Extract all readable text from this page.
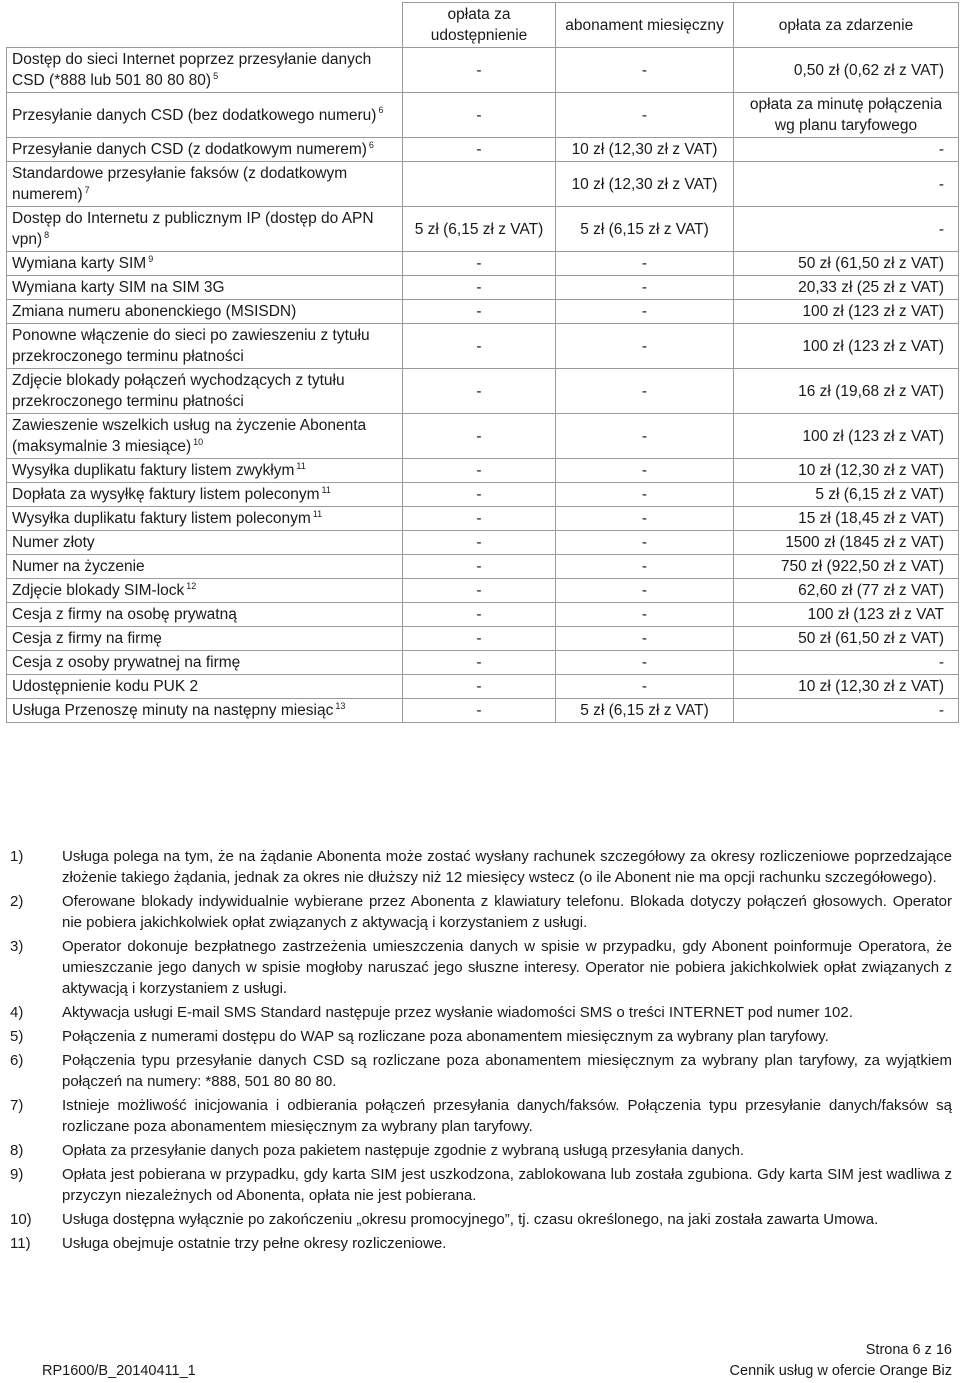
	opłata za udostępnienie	abonament miesięczny	opłata za zdarzenie
Dostęp do sieci Internet poprzez przesyłanie danych CSD (*888 lub 501 80 80 80) $^5$	-	-	0,50 zł (0,62 zł z VAT)
Przesyłanie danych CSD (bez dodatkowego numeru) $^6$	-	-	opłata za minutę połączenia wg planu taryfowego
Przesyłanie danych CSD (z dodatkowym numerem) $^6$	-	10 zł (12,30 zł z VAT)	-
Standardowe przesyłanie faksów (z dodatkowym numerem) $^7$		10 zł (12,30 zł z VAT)	-
Dostęp do Internetu z publicznym IP (dostęp do APN vpn) $^8$	5 zł (6,15 zł z VAT)	5 zł (6,15 zł z VAT)	-
Wymiana karty SIM $^9$	-	-	50 zł (61,50 zł z VAT)
Wymiana karty SIM na SIM 3G	-	-	20,33 zł (25 zł z VAT)
Zmiana numeru abonenckiego (MSISDN)	-	-	100 zł (123 zł z VAT)
Ponowne włączenie do sieci po zawieszeniu z tytułu przekroczonego terminu płatności	-	-	100 zł (123 zł z VAT)
Zdjęcie blokady połączeń wychodzących z tytułu przekroczonego terminu płatności	-	-	16 zł (19,68 zł z VAT)
Zawieszenie wszelkich usług na życzenie Abonenta (maksymalnie 3 miesiące) $^{10}$	-	-	100 zł (123 zł z VAT)
Wysyłka duplikatu faktury listem zwykłym $^{11}$	-	-	10 zł (12,30 zł z VAT)
Dopłata za wysyłkę faktury listem poleconym $^{11}$	-	-	5 zł (6,15 zł z VAT)
Wysyłka duplikatu faktury listem poleconym $^{11}$	-	-	15 zł (18,45 zł z VAT)
Numer złoty	-	-	1500 zł (1845 zł z VAT)
Numer na życzenie	-	-	750 zł (922,50 zł z VAT)
Zdjęcie blokady SIM-lock $^{12}$	-	-	62,60 zł (77 zł z VAT)
Cesja z firmy na osobę prywatną	-	-	100 zł (123 zł z VAT
Cesja z firmy na firmę	-	-	50 zł (61,50 zł z VAT)
Cesja z osoby prywatnej na firmę	-	-	-
Udostępnienie kodu PUK 2	-	-	10 zł (12,30 zł z VAT)
Usługa Przenoszę minuty na następny miesiąc $^{13}$	-	5 zł (6,15 zł z VAT)	-
1)	Usługa polega na tym, że na żądanie Abonenta może zostać wysłany rachunek szczegółowy za okresy rozliczeniowe poprzedzające złożenie takiego żądania, jednak za okres nie dłuższy niż 12 miesięcy wstecz (o ile Abonent nie ma opcji rachunku szczegółowego).
2)	Oferowane blokady indywidualnie wybierane przez Abonenta z klawiatury telefonu. Blokada dotyczy połączeń głosowych. Operator nie pobiera jakichkolwiek opłat związanych z aktywacją i korzystaniem z usługi.
3)	Operator dokonuje bezpłatnego zastrzeżenia umieszczenia danych w spisie w przypadku, gdy Abonent poinformuje Operatora, że umieszczanie jego danych w spisie mogłoby naruszać jego słuszne interesy. Operator nie pobiera jakichkolwiek opłat związanych z aktywacją i korzystaniem z usługi.
4)	Aktywacja usługi E-mail SMS Standard następuje przez wysłanie wiadomości SMS o treści INTERNET pod numer 102.
5)	Połączenia z numerami dostępu do WAP są rozliczane poza abonamentem miesięcznym za wybrany plan taryfowy.
6)	Połączenia typu przesyłanie danych CSD są rozliczane poza abonamentem miesięcznym za wybrany plan taryfowy, za wyjątkiem połączeń na numery: *888, 501 80 80 80.
7)	Istnieje możliwość inicjowania i odbierania połączeń przesyłania danych/faksów. Połączenia typu przesyłanie danych/faksów są rozliczane poza abonamentem miesięcznym za wybrany plan taryfowy.
8)	Opłata za przesyłanie danych poza pakietem następuje zgodnie z wybraną usługą przesyłania danych.
9)	Opłata jest pobierana w przypadku, gdy karta SIM jest uszkodzona, zablokowana lub została zgubiona. Gdy karta SIM jest wadliwa z przyczyn niezależnych od Abonenta, opłata nie jest pobierana.
10)	Usługa dostępna wyłącznie po zakończeniu „okresu promocyjnego”, tj. czasu określonego, na jaki została zawarta Umowa.
11)	Usługa obejmuje ostatnie trzy pełne okresy rozliczeniowe.
RP1600/B_20140411_1
Strona 6 z 16
Cennik usług w ofercie Orange Biz
